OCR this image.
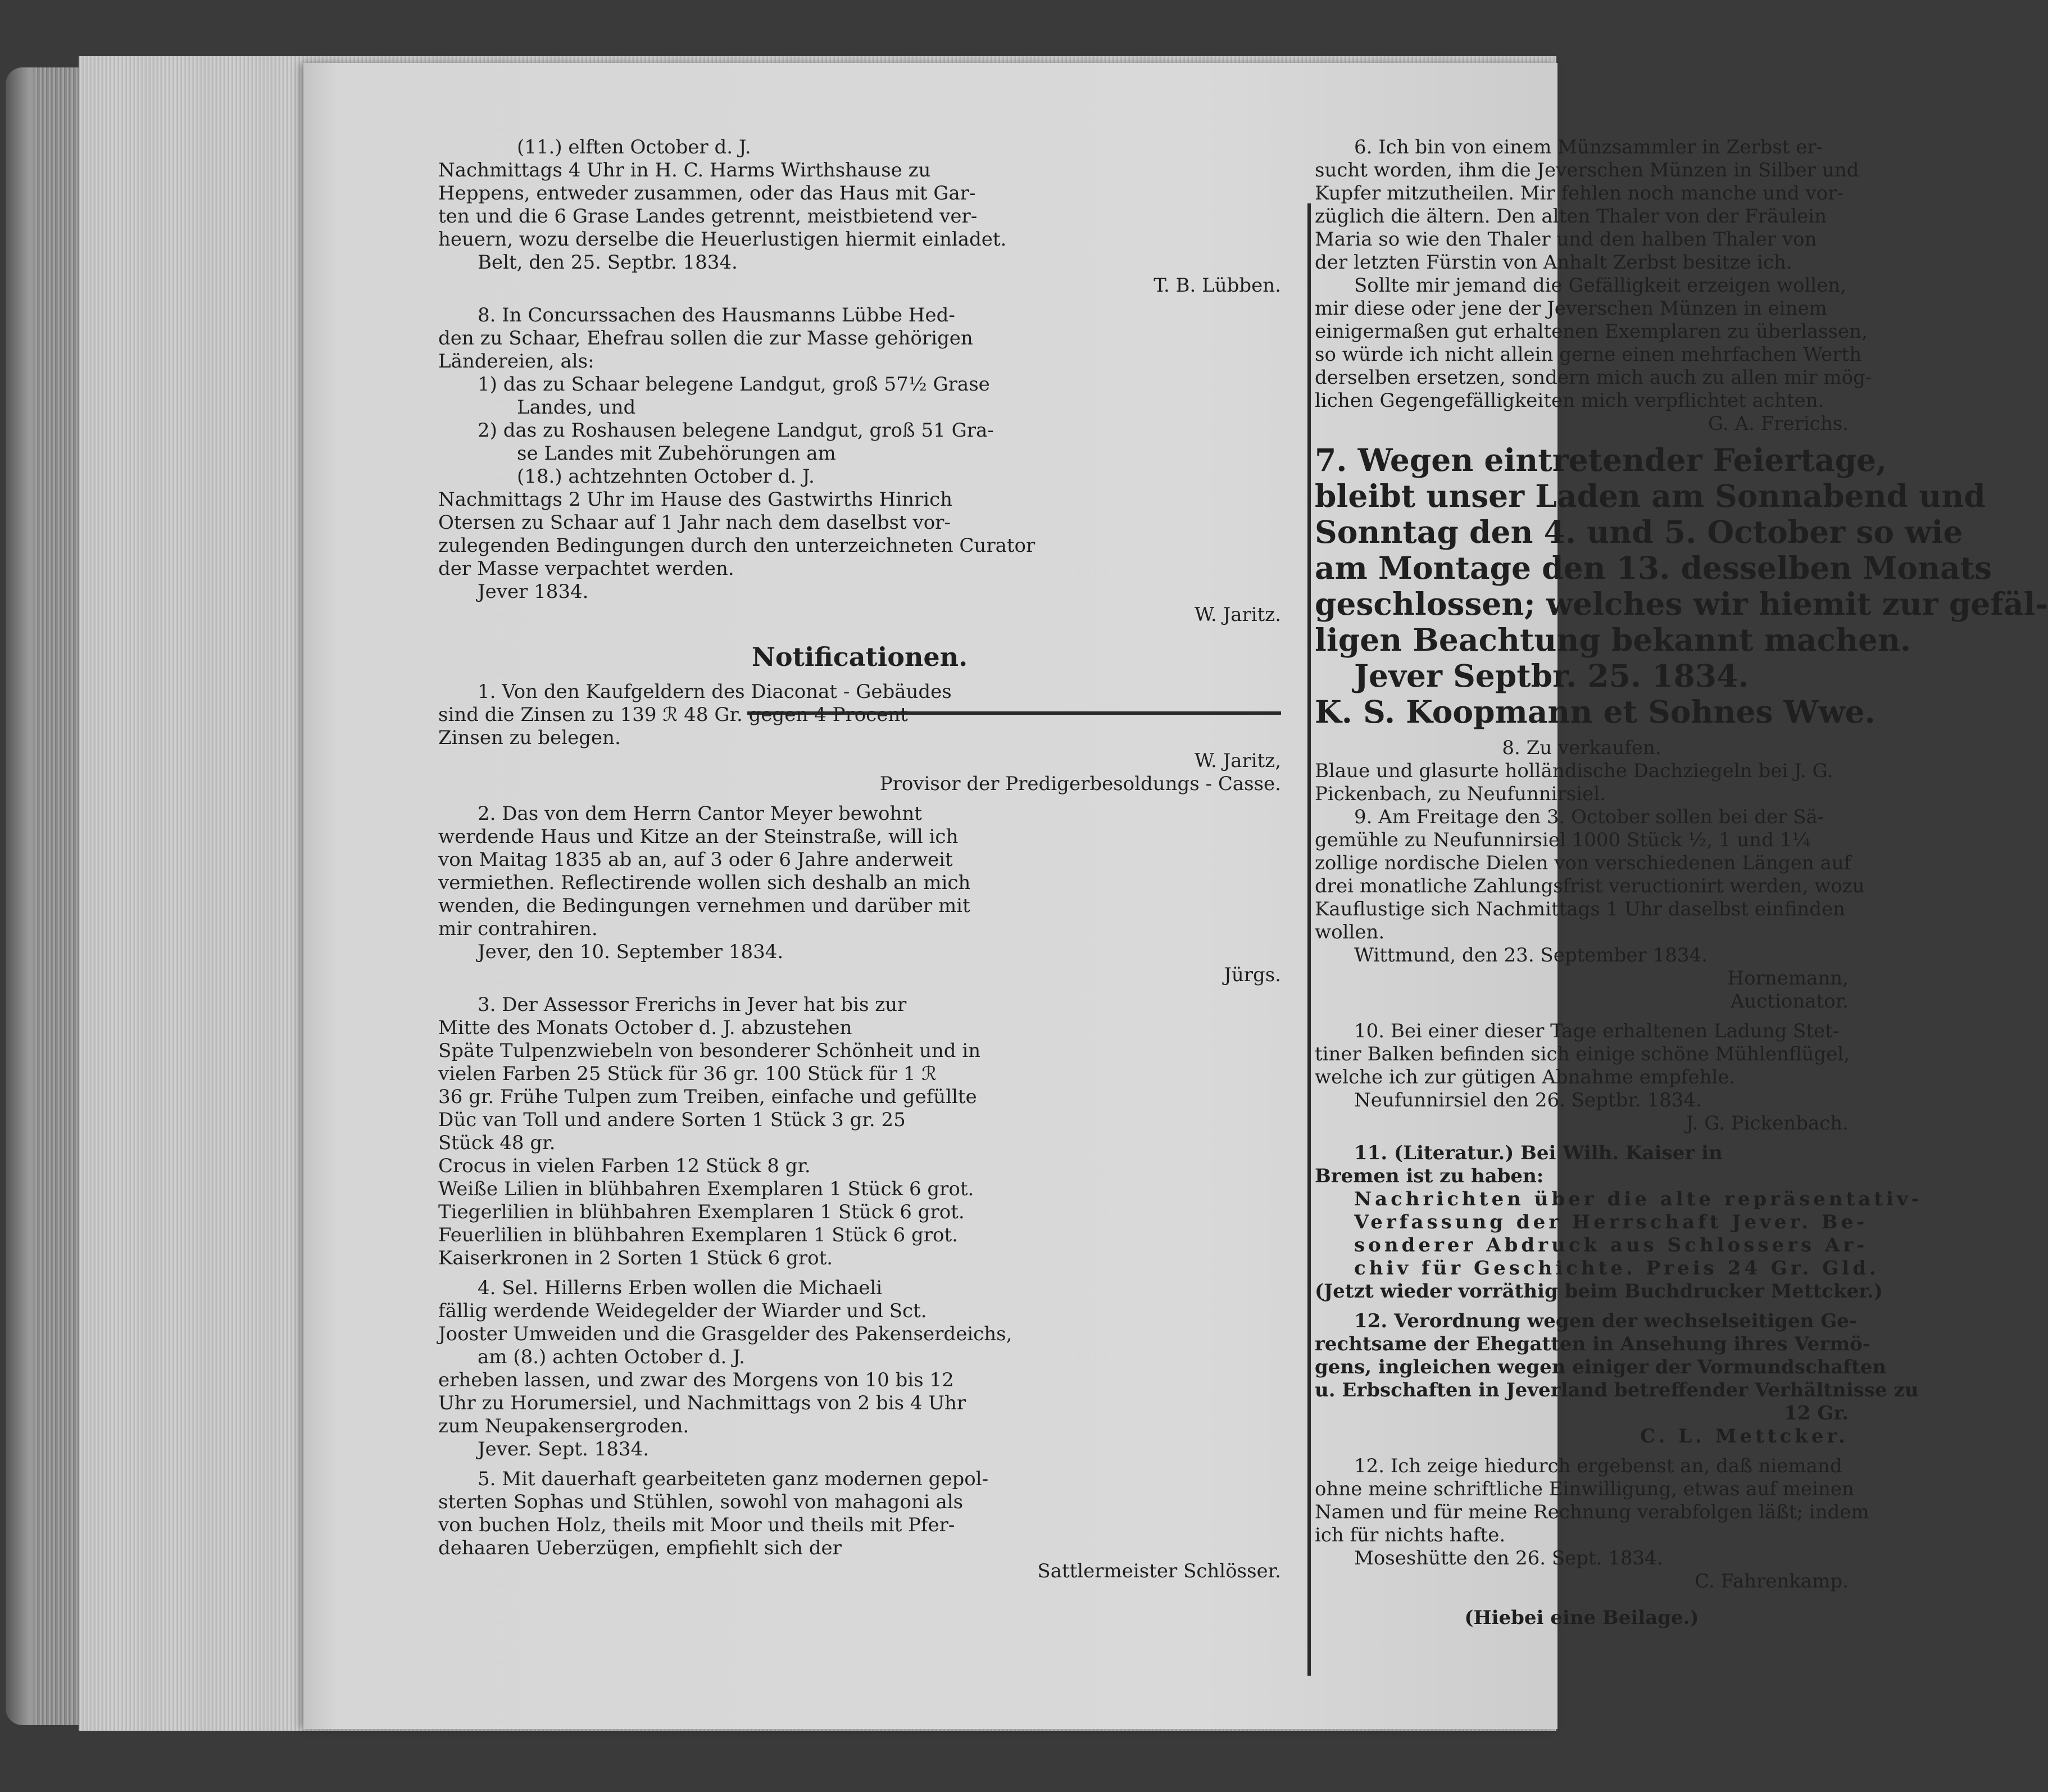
(11.) elften October d. J.
Nachmittags 4 Uhr in H. C. Harms Wirthshause zu
Heppens, entweder zusammen, oder das Haus mit Gar-
ten und die 6 Grase Landes getrennt, meistbietend ver-
heuern, wozu derselbe die Heuerlustigen hiermit einladet.
Belt, den 25. Septbr. 1834.
T. B. Lübben.
8. In Concurssachen des Hausmanns Lübbe Hed-
den zu Schaar, Ehefrau sollen die zur Masse gehörigen
Ländereien, als:
1) das zu Schaar belegene Landgut, groß 57½ Grase
Landes, und
2) das zu Roshausen belegene Landgut, groß 51 Gra-
se Landes mit Zubehörungen am
(18.) achtzehnten October d. J.
Nachmittags 2 Uhr im Hause des Gastwirths Hinrich
Otersen zu Schaar auf 1 Jahr nach dem daselbst vor-
zulegenden Bedingungen durch den unterzeichneten Curator
der Masse verpachtet werden.
Jever 1834.
W. Jaritz.
Notificationen.
1. Von den Kaufgeldern des Diaconat - Gebäudes
sind die Zinsen zu 139 ℛ 48 Gr. gegen 4 Procent
Zinsen zu belegen.
W. Jaritz,
Provisor der Predigerbesoldungs - Casse.
2. Das von dem Herrn Cantor Meyer bewohnt
werdende Haus und Kitze an der Steinstraße, will ich
von Maitag 1835 ab an, auf 3 oder 6 Jahre anderweit
vermiethen. Reflectirende wollen sich deshalb an mich
wenden, die Bedingungen vernehmen und darüber mit
mir contrahiren.
Jever, den 10. September 1834.
Jürgs.
3. Der Assessor Frerichs in Jever hat bis zur
Mitte des Monats October d. J. abzustehen
Späte Tulpenzwiebeln von besonderer Schönheit und in
vielen Farben 25 Stück für 36 gr. 100 Stück für 1 ℛ
36 gr. Frühe Tulpen zum Treiben, einfache und gefüllte
Düc van Toll und andere Sorten 1 Stück 3 gr. 25
Stück 48 gr.
Crocus in vielen Farben 12 Stück 8 gr.
Weiße Lilien in blühbahren Exemplaren 1 Stück 6 grot.
Tiegerlilien in blühbahren Exemplaren 1 Stück 6 grot.
Feuerlilien in blühbahren Exemplaren 1 Stück 6 grot.
Kaiserkronen in 2 Sorten 1 Stück 6 grot.
4. Sel. Hillerns Erben wollen die Michaeli
fällig werdende Weidegelder der Wiarder und Sct.
Jooster Umweiden und die Grasgelder des Pakenserdeichs,
am (8.) achten October d. J.
erheben lassen, und zwar des Morgens von 10 bis 12
Uhr zu Horumersiel, und Nachmittags von 2 bis 4 Uhr
zum Neupakensergroden.
Jever. Sept. 1834.
5. Mit dauerhaft gearbeiteten ganz modernen gepol-
sterten Sophas und Stühlen, sowohl von mahagoni als
von buchen Holz, theils mit Moor und theils mit Pfer-
dehaaren Ueberzügen, empfiehlt sich der
Sattlermeister Schlösser.
6. Ich bin von einem Münzsammler in Zerbst er-
sucht worden, ihm die Jeverschen Münzen in Silber und
Kupfer mitzutheilen. Mir fehlen noch manche und vor-
züglich die ältern. Den alten Thaler von der Fräulein
Maria so wie den Thaler und den halben Thaler von
der letzten Fürstin von Anhalt Zerbst besitze ich.
Sollte mir jemand die Gefälligkeit erzeigen wollen,
mir diese oder jene der Jeverschen Münzen in einem
einigermaßen gut erhaltenen Exemplaren zu überlassen,
so würde ich nicht allein gerne einen mehrfachen Werth
derselben ersetzen, sondern mich auch zu allen mir mög-
lichen Gegengefälligkeiten mich verpflichtet achten.
G. A. Frerichs.
7. Wegen eintretender Feiertage,
bleibt unser Laden am Sonnabend und
Sonntag den 4. und 5. October so wie
am Montage den 13. desselben Monats
geschlossen; welches wir hiemit zur gefäl-
ligen Beachtung bekannt machen.
Jever Septbr. 25. 1834.
K. S. Koopmann et Sohnes Wwe.
8. Zu verkaufen.
Blaue und glasurte holländische Dachziegeln bei J. G.
Pickenbach, zu Neufunnirsiel.
9. Am Freitage den 3. October sollen bei der Sä-
gemühle zu Neufunnirsiel 1000 Stück ½, 1 und 1¼
zollige nordische Dielen von verschiedenen Längen auf
drei monatliche Zahlungsfrist veructionirt werden, wozu
Kauflustige sich Nachmittags 1 Uhr daselbst einfinden
wollen.
Wittmund, den 23. September 1834.
Hornemann,
Auctionator.
10. Bei einer dieser Tage erhaltenen Ladung Stet-
tiner Balken befinden sich einige schöne Mühlenflügel,
welche ich zur gütigen Abnahme empfehle.
Neufunnirsiel den 26. Septbr. 1834.
J. G. Pickenbach.
11. (Literatur.) Bei Wilh. Kaiser in
Bremen ist zu haben:
Nachrichten über die alte repräsentativ-
Verfassung der Herrschaft Jever. Be-
sonderer Abdruck aus Schlossers Ar-
chiv für Geschichte. Preis 24 Gr. Gld.
(Jetzt wieder vorräthig beim Buchdrucker Mettcker.)
12. Verordnung wegen der wechselseitigen Ge-
rechtsame der Ehegatten in Ansehung ihres Vermö-
gens, ingleichen wegen einiger der Vormundschaften
u. Erbschaften in Jeverland betreffender Verhältnisse zu
12 Gr.
C. L. Mettcker.
12. Ich zeige hiedurch ergebenst an, daß niemand
ohne meine schriftliche Einwilligung, etwas auf meinen
Namen und für meine Rechnung verabfolgen läßt; indem
ich für nichts hafte.
Moseshütte den 26. Sept. 1834.
C. Fahrenkamp.
(Hiebei eine Beilage.)
